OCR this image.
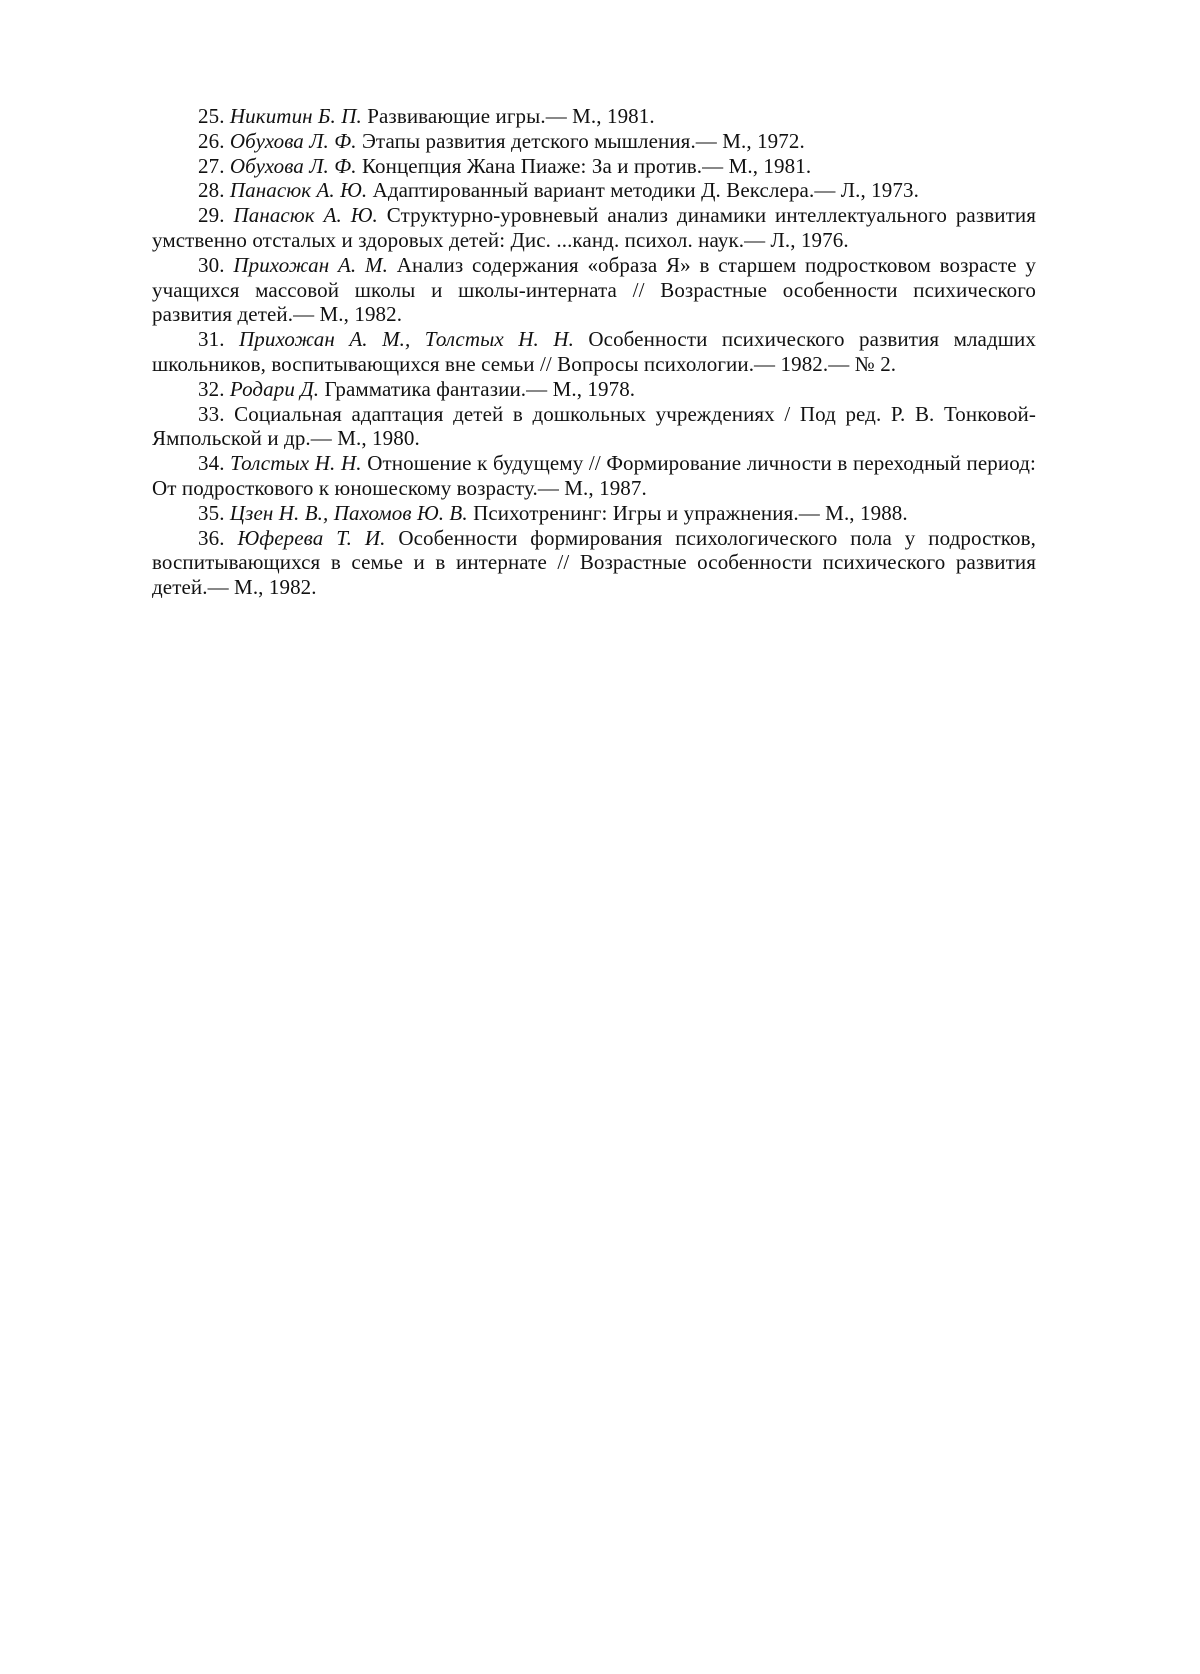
25. Никитин Б. П. Развивающие игры.— М., 1981.
26. Обухова Л. Ф. Этапы развития детского мышления.— М., 1972.
27. Обухова Л. Ф. Концепция Жана Пиаже: За и против.— М., 1981.
28. Панасюк А. Ю. Адаптированный вариант методики Д. Векслера.— Л., 1973.
29. Панасюк А. Ю. Структурно-уровневый анализ динамики интеллектуального развития умственно отсталых и здоровых детей: Дис. ...канд. психол. наук.— Л., 1976.
30. Прихожан А. М. Анализ содержания «образа Я» в старшем подростковом возрасте у учащихся массовой школы и школы-интерната // Возрастные особенности психического развития детей.— М., 1982.
31. Прихожан А. М., Толстых Н. Н. Особенности психического развития младших школьников, воспитывающихся вне семьи // Вопросы психологии.— 1982.— № 2.
32. Родари Д. Грамматика фантазии.— М., 1978.
33. Социальная адаптация детей в дошкольных учреждениях / Под ред. Р. В. Тонковой-Ямпольской и др.— М., 1980.
34. Толстых Н. Н. Отношение к будущему // Формирование личности в переходный период: От подросткового к юношескому возрасту.— М., 1987.
35. Цзен Н. В., Пахомов Ю. В. Психотренинг: Игры и упражнения.— М., 1988.
36. Юферева Т. И. Особенности формирования психологического пола у подростков, воспитывающихся в семье и в интернате // Возрастные особенности психического развития детей.— М., 1982.
